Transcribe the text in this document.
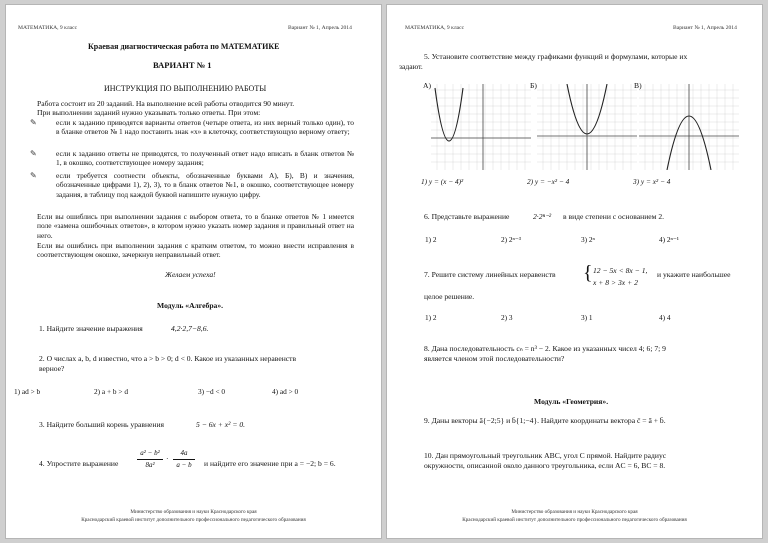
МАТЕМАТИКА, 9 класс	Вариант № 1, Апрель 2014
Краевая диагностическая работа по МАТЕМАТИКЕ
ВАРИАНТ № 1
ИНСТРУКЦИЯ ПО ВЫПОЛНЕНИЮ РАБОТЫ
Работа состоит из 20 заданий. На выполнение всей работы отводится 90 минут.
При выполнении заданий нужно указывать только ответы. При этом:
✎	если к заданию приводятся варианты ответов (четыре ответа, из них верный только один), то в бланке ответов № 1 надо поставить знак «х» в клеточку, соответствующую верному ответу;
✎	если к заданию ответы не приводятся, то полученный ответ надо вписать в бланк ответов № 1, в окошко, соответствующее номеру задания;
✎	если требуется соотнести объекты, обозначенные буквами А), Б), В) и значения, обозначенные цифрами 1), 2), 3), то в бланк ответов №1, в окошко, соответствующее номеру задания, в таблицу под каждой буквой напишите нужную цифру.
Если вы ошиблись при выполнении задания с выбором ответа, то в бланке ответов № 1 имеется поле «замена ошибочных ответов», в котором нужно указать номер задания и правильный ответ на него.
Если вы ошиблись при выполнении задания с кратким ответом, то можно внести исправления в соответствующем окошке, зачеркнув неправильный ответ.
Желаем успеха!
Модуль «Алгебра».
1. Найдите значение выражения	4,2·2,7−8,6.
2. О числах a, b, d известно, что a > b > 0; d < 0. Какое из указанных неравенств
верное?
1) ad > b	2) a + b > d	3) −d < 0	4) ad > 0
3. Найдите больший корень уравнения	5 − 6x + x² = 0.
4. Упростите выражение
a² − b²
8a²
·
4a
a − b	и найдите его значение при a = −2; b = 6.
Министерство образования и науки Краснодарского края
Краснодарский краевой институт дополнительного профессионального педагогического образования
МАТЕМАТИКА, 9 класс	Вариант № 1, Апрель 2014
5. Установите соответствие между графиками функций и формулами, которые их
задают.
А)	Б)	В)
1) y = (x − 4)²	2) y = −x² − 4	3) y = x² − 4
6. Представьте выражение	2·2ⁿ⁻² в виде степени с основанием 2.
1) 2	2) 2ⁿ⁻³	3) 2ⁿ	4) 2ⁿ⁻¹
7. Решите систему линейных неравенств { 12 − 5x < 8x − 1,
x + 8 > 3x + 2
и укажите наибольшее
целое решение.
1) 2	2) 3	3) 1	4) 4
8. Дана последовательность cₙ = n³ − 2. Какое из указанных чисел 4; 6; 7; 9
является членом этой последовательности?
Модуль «Геометрия».
9. Даны векторы ā{−2;5} и b̄{1;−4}. Найдите координаты вектора c̄ = ā + b̄.
10. Дан прямоугольный треугольник ABC, угол C прямой. Найдите радиус
окружности, описанной около данного треугольника, если AC = 6, BC = 8.
Министерство образования и науки Краснодарского края
Краснодарский краевой институт дополнительного профессионального педагогического образования
